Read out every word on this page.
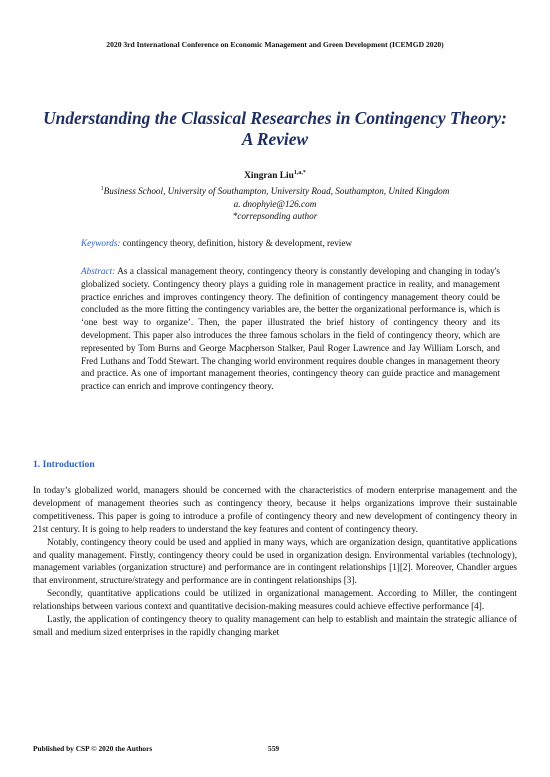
2020 3rd International Conference on Economic Management and Green Development (ICEMGD 2020)
Understanding the Classical Researches in Contingency Theory: A Review
Xingran Liu$^{1,a,*}$
$^1$Business School, University of Southampton, University Road, Southampton, United Kingdom
a. dnophyie@126.com
*correpsonding author
Keywords: contingency theory, definition, history & development, review
Abstract: As a classical management theory, contingency theory is constantly developing and changing in today's globalized society. Contingency theory plays a guiding role in management practice in reality, and management practice enriches and improves contingency theory. The definition of contingency management theory could be concluded as the more fitting the contingency variables are, the better the organizational performance is, which is ‘one best way to organize’. Then, the paper illustrated the brief history of contingency theory and its development. This paper also introduces the three famous scholars in the field of contingency theory, which are represented by Tom Burns and George Macpherson Stalker, Paul Roger Lawrence and Jay William Lorsch, and Fred Luthans and Todd Stewart. The changing world environment requires double changes in management theory and practice. As one of important management theories, contingency theory can guide practice and management practice can enrich and improve contingency theory.
1. Introduction

In today’s globalized world, managers should be concerned with the characteristics of modern enterprise management and the development of management theories such as contingency theory, because it helps organizations improve their sustainable competitiveness. This paper is going to introduce a profile of contingency theory and new development of contingency theory in 21st century. It is going to help readers to understand the key features and content of contingency theory.

Notably, contingency theory could be used and applied in many ways, which are organization design, quantitative applications and quality management. Firstly, contingency theory could be used in organization design. Environmental variables (technology), management variables (organization structure) and performance are in contingent relationships [1][2]. Moreover, Chandler argues that environment, structure/strategy and performance are in contingent relationships [3].

Secondly, quantitative applications could be utilized in organizational management. According to Miller, the contingent relationships between various context and quantitative decision-making measures could achieve effective performance [4].

Lastly, the application of contingency theory to quality management can help to establish and maintain the strategic alliance of small and medium sized enterprises in the rapidly changing market

Published by CSP © 2020 the Authors	559
